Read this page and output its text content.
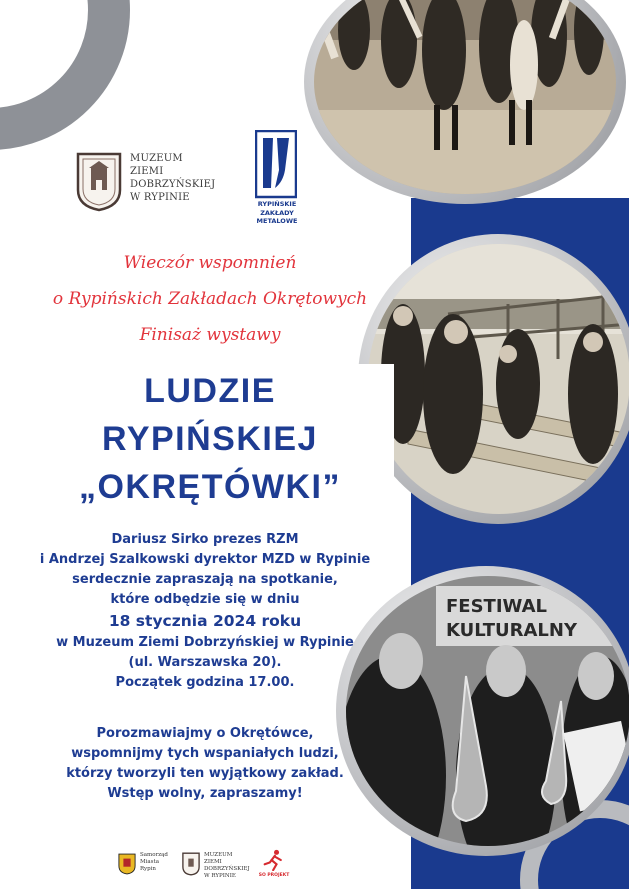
FESTIWAL
KULTURALNY
MUZEUM
ZIEMI
DOBRZYŃSKIEJ
W RYPINIE
RYPIŃSKIE
ZAKŁADY
METALOWE
Wieczór wspomnień
o Rypińskich Zakładach Okrętowych
Finisaż wystawy
LUDZIE
RYPIŃSKIEJ
„OKRĘTÓWKI”
Dariusz Sirko prezes RZM
i Andrzej Szalkowski dyrektor MZD w Rypinie
serdecznie zapraszają na spotkanie,
które odbędzie się w dniu
18 stycznia 2024 roku
w Muzeum Ziemi Dobrzyńskiej w Rypinie
(ul. Warszawska 20).
Początek godzina 17.00.
Porozmawiajmy o Okrętówce,
wspomnijmy tych wspaniałych ludzi,
którzy tworzyli ten wyjątkowy zakład.
Wstęp wolny, zapraszamy!
Samorząd
Miasta
Rypin
MUZEUM
ZIEMI
DOBRZYŃSKIEJ
W RYPINIE	SO PROJEKT
